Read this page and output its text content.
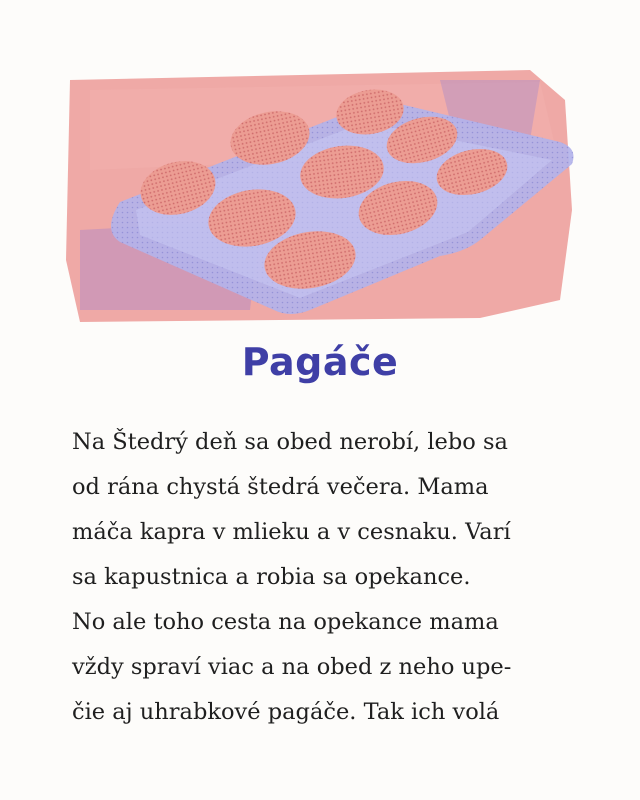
Pagáče

Na Štedrý deň sa obed nerobí, lebo sa
od rána chystá štedrá večera. Mama
máča kapra v mlieku a v cesnaku. Varí
sa kapustnica a robia sa opekance.
No ale toho cesta na opekance mama
vždy spraví viac a na obed z neho upe-
čie aj uhrabkové pagáče. Tak ich volá
